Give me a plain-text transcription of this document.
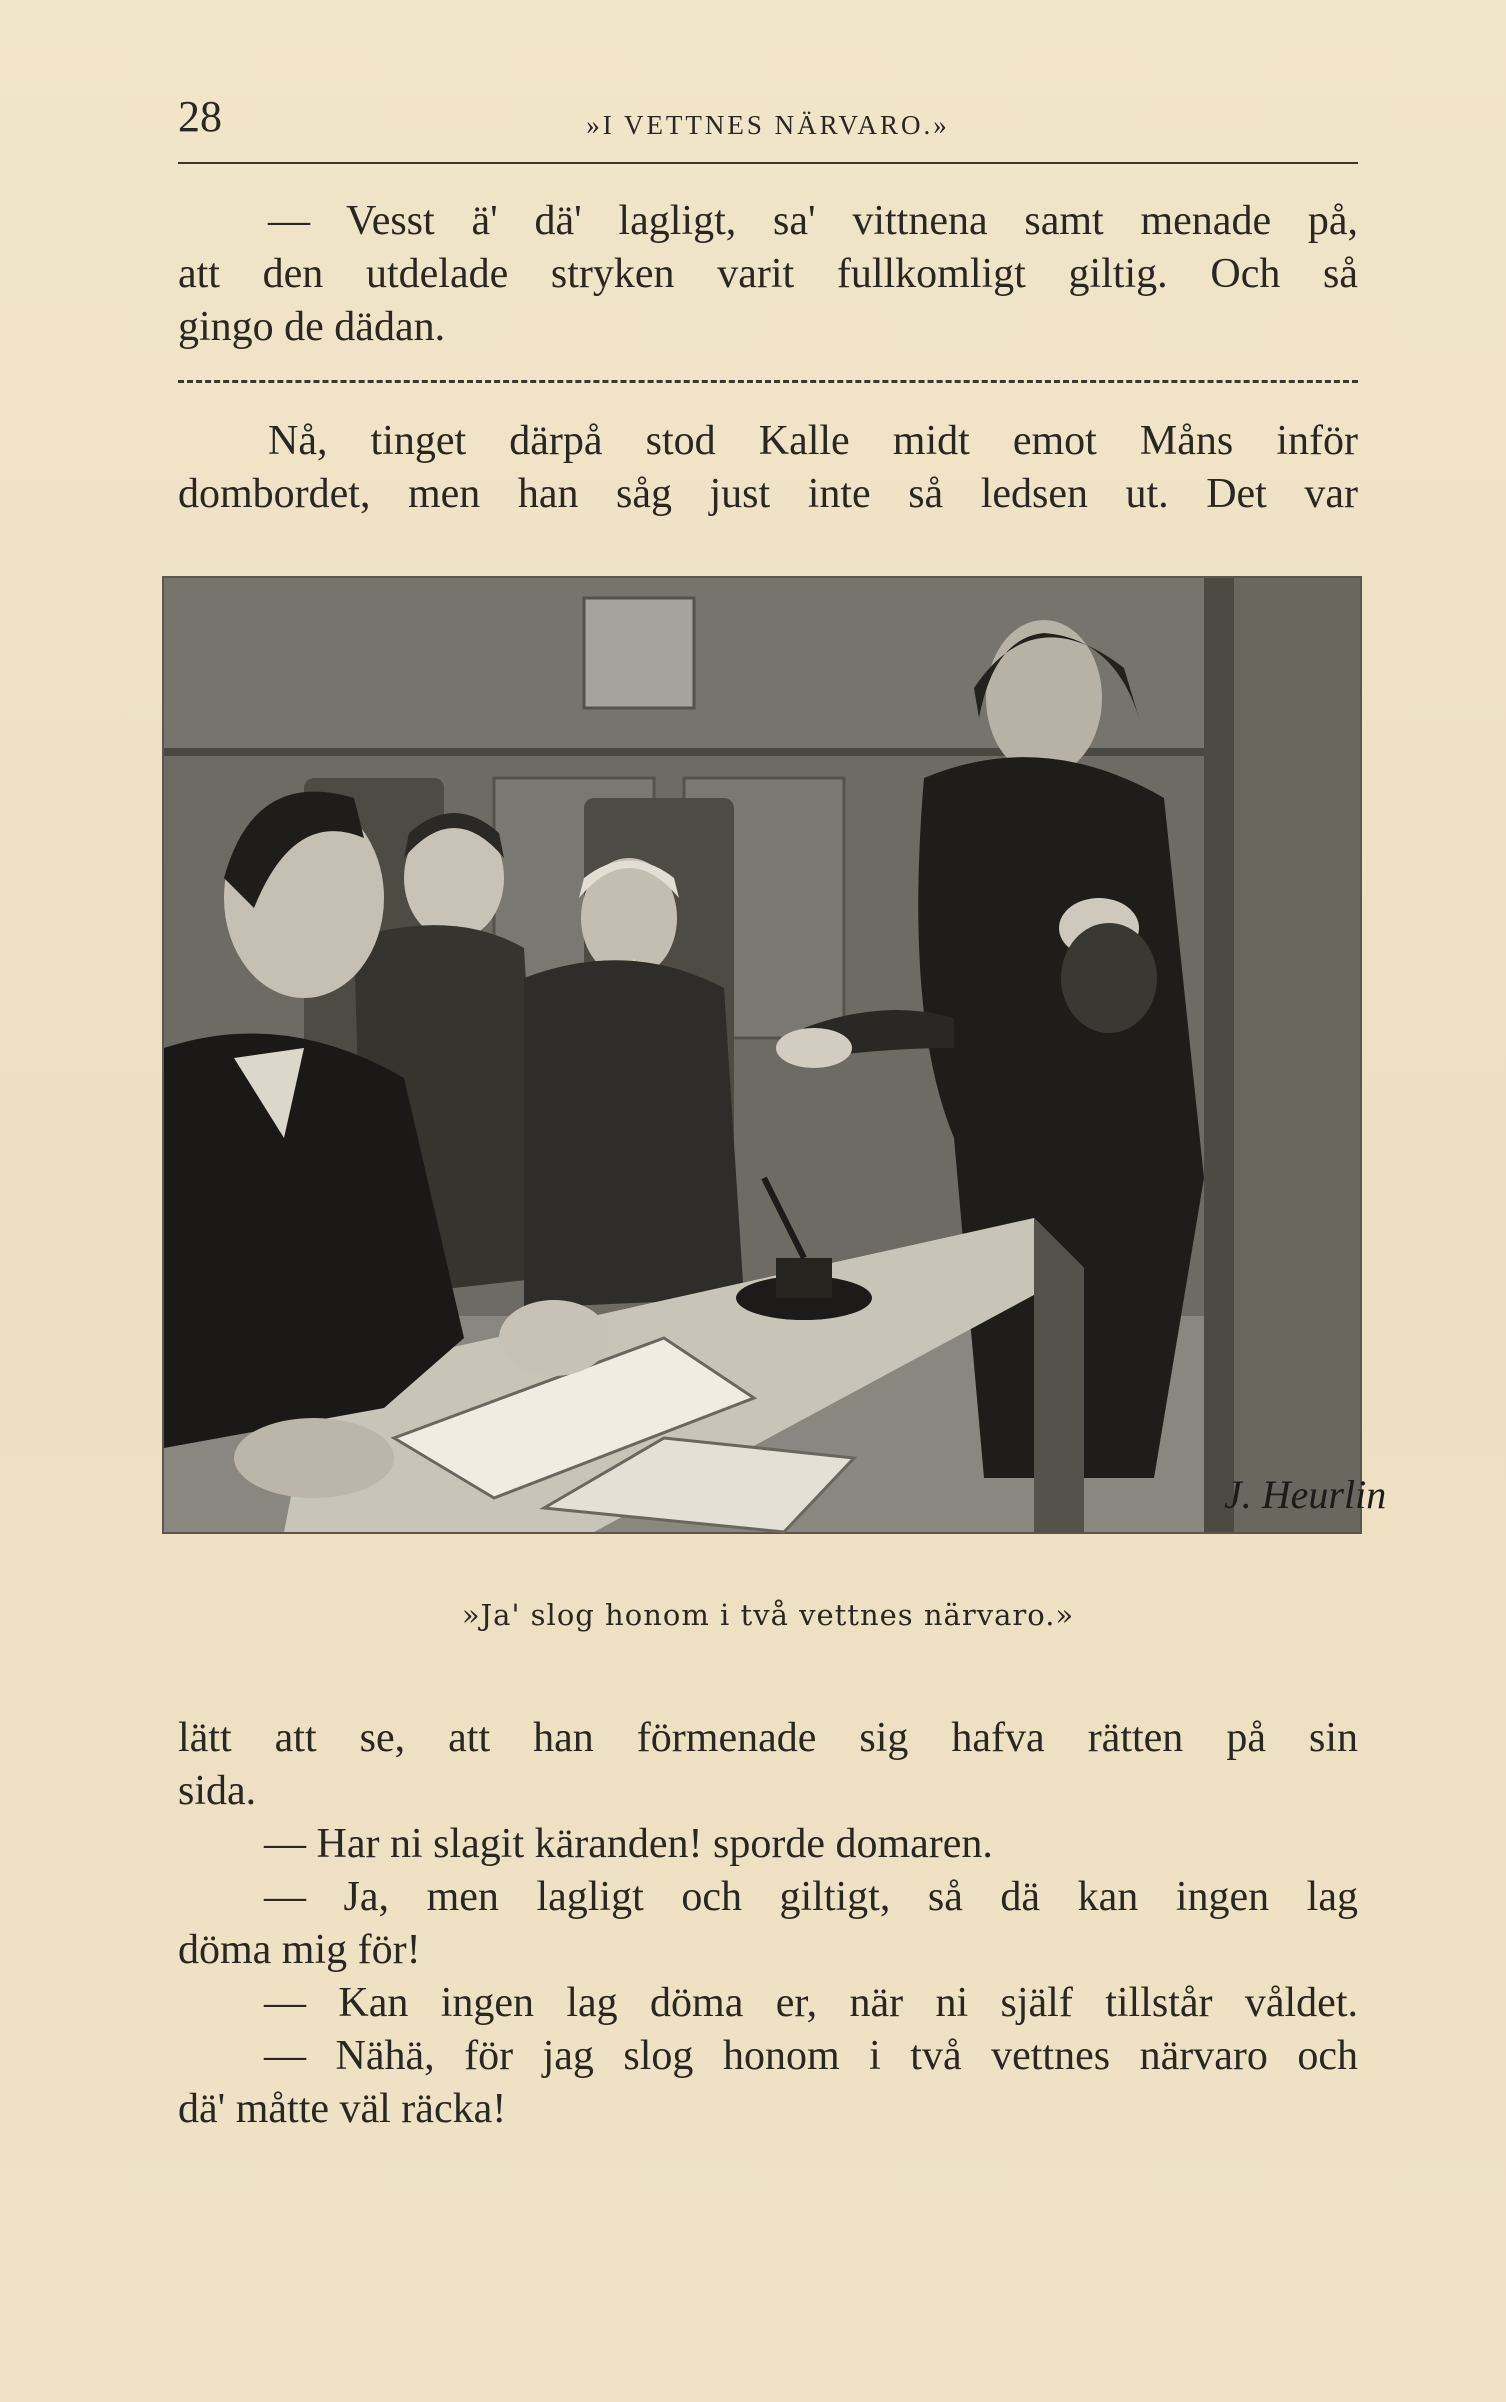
28	»I VETTNES NÄRVARO.»

— Vesst ä' dä' lagligt, sa' vittnena samt menade på,
att den utdelade stryken varit fullkomligt giltig. Och så
gingo de dädan.

Nå, tinget därpå stod Kalle midt emot Måns inför
dombordet, men han såg just inte så ledsen ut. Det var

J. Heurlin
»Ja' slog honom i två vettnes närvaro.»

lätt att se, att han förmenade sig hafva rätten på sin
sida.
— Har ni slagit käranden! sporde domaren.
— Ja, men lagligt och giltigt, så dä kan ingen lag
döma mig för!
— Kan ingen lag döma er, när ni själf tillstår våldet.
— Nähä, för jag slog honom i två vettnes närvaro och
dä' måtte väl räcka!
